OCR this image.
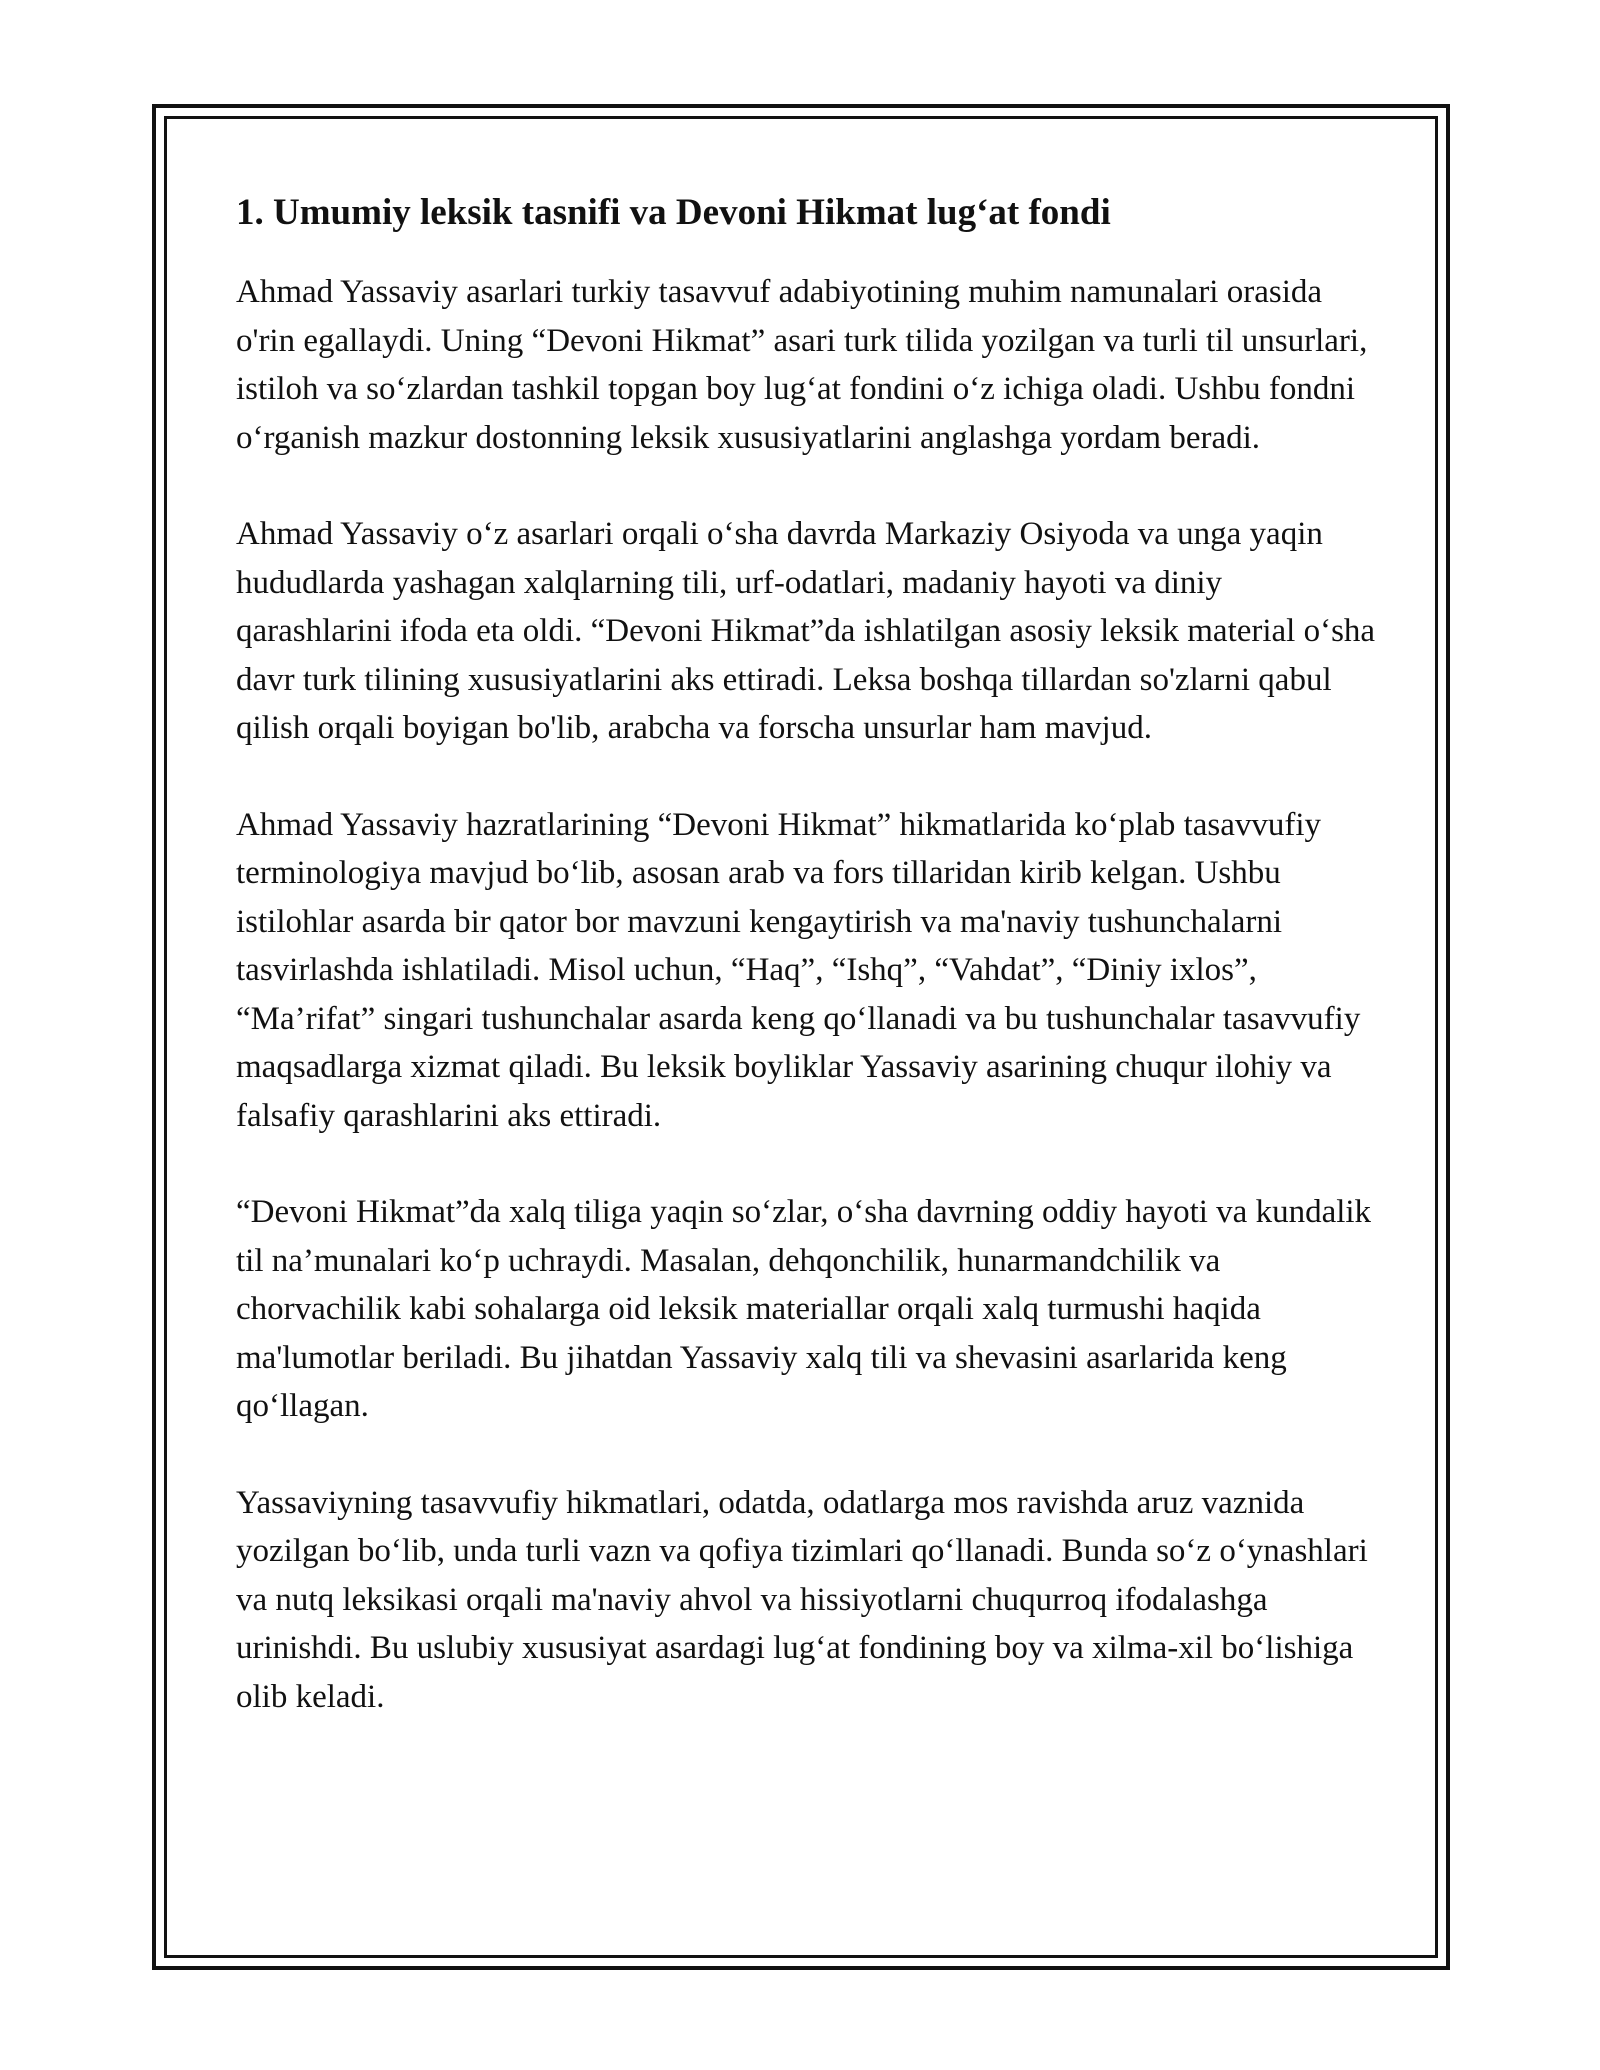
1. Umumiy leksik tasnifi va Devoni Hikmat lug‘at fondi

Ahmad Yassaviy asarlari turkiy tasavvuf adabiyotining muhim namunalari orasida o'rin egallaydi. Uning “Devoni Hikmat” asari turk tilida yozilgan va turli til unsurlari, istiloh va so‘zlardan tashkil topgan boy lug‘at fondini o‘z ichiga oladi. Ushbu fondni o‘rganish mazkur dostonning leksik xususiyatlarini anglashga yordam beradi.

Ahmad Yassaviy o‘z asarlari orqali o‘sha davrda Markaziy Osiyoda va unga yaqin hududlarda yashagan xalqlarning tili, urf-odatlari, madaniy hayoti va diniy qarashlarini ifoda eta oldi. “Devoni Hikmat”da ishlatilgan asosiy leksik material o‘sha davr turk tilining xususiyatlarini aks ettiradi. Leksa boshqa tillardan so'zlarni qabul qilish orqali boyigan bo'lib, arabcha va forscha unsurlar ham mavjud.

Ahmad Yassaviy hazratlarining “Devoni Hikmat” hikmatlarida ko‘plab tasavvufiy terminologiya mavjud bo‘lib, asosan arab va fors tillaridan kirib kelgan. Ushbu istilohlar asarda bir qator bor mavzuni kengaytirish va ma'naviy tushunchalarni tasvirlashda ishlatiladi. Misol uchun, “Haq”, “Ishq”, “Vahdat”, “Diniy ixlos”, “Ma’rifat” singari tushunchalar asarda keng qo‘llanadi va bu tushunchalar tasavvufiy maqsadlarga xizmat qiladi. Bu leksik boyliklar Yassaviy asarining chuqur ilohiy va falsafiy qarashlarini aks ettiradi.

“Devoni Hikmat”da xalq tiliga yaqin so‘zlar, o‘sha davrning oddiy hayoti va kundalik til na’munalari ko‘p uchraydi. Masalan, dehqonchilik, hunarmandchilik va chorvachilik kabi sohalarga oid leksik materiallar orqali xalq turmushi haqida ma'lumotlar beriladi. Bu jihatdan Yassaviy xalq tili va shevasini asarlarida keng qo‘llagan.

Yassaviyning tasavvufiy hikmatlari, odatda, odatlarga mos ravishda aruz vaznida yozilgan bo‘lib, unda turli vazn va qofiya tizimlari qo‘llanadi. Bunda so‘z o‘ynashlari va nutq leksikasi orqali ma'naviy ahvol va hissiyotlarni chuqurroq ifodalashga urinishdi. Bu uslubiy xususiyat asardagi lug‘at fondining boy va xilma-xil bo‘lishiga olib keladi.
